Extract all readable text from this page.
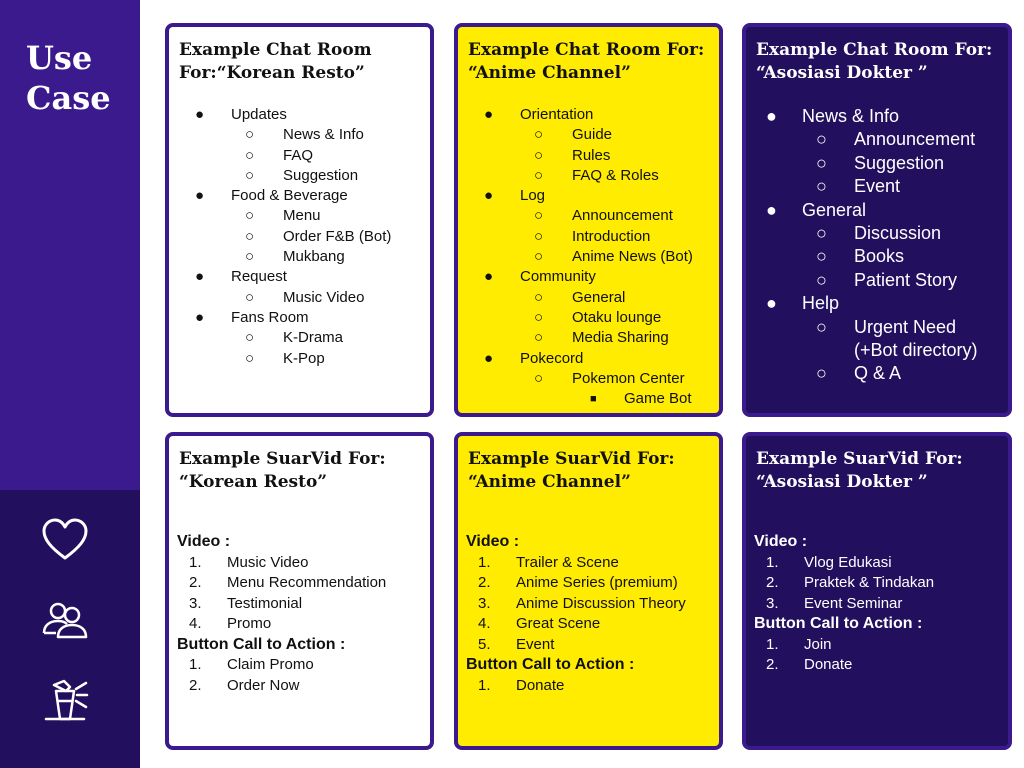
Use
Case
Example Chat Room For:“Korean Resto”
● Updates
○ News & Info
○ FAQ
○ Suggestion
● Food & Beverage
○ Menu
○ Order F&B (Bot)
○ Mukbang
● Request
○ Music Video
● Fans Room
○ K-Drama
○ K-Pop
Example Chat Room For: “Anime Channel”
● Orientation
○ Guide
○ Rules
○ FAQ & Roles
● Log
○ Announcement
○ Introduction
○ Anime News (Bot)
● Community
○ General
○ Otaku lounge
○ Media Sharing
● Pokecord
○ Pokemon Center
■ Game Bot
Example Chat Room For: “Asosiasi Dokter ”
● News & Info
○ Announcement
○ Suggestion
○ Event
● General
○ Discussion
○ Books
○ Patient Story
● Help
○ Urgent Need (+Bot directory)
○ Q & A
Example SuarVid For: “Korean Resto”
Video :
1. Music Video
2. Menu Recommendation
3. Testimonial
4. Promo
Button Call to Action :
1. Claim Promo
2. Order Now
Example SuarVid For: “Anime Channel”
Video :
1. Trailer & Scene
2. Anime Series (premium)
3. Anime Discussion Theory
4. Great Scene
5. Event
Button Call to Action :
1. Donate
Example SuarVid For: “Asosiasi Dokter ”
Video :
1. Vlog Edukasi
2. Praktek & Tindakan
3. Event Seminar
Button Call to Action :
1. Join
2. Donate
